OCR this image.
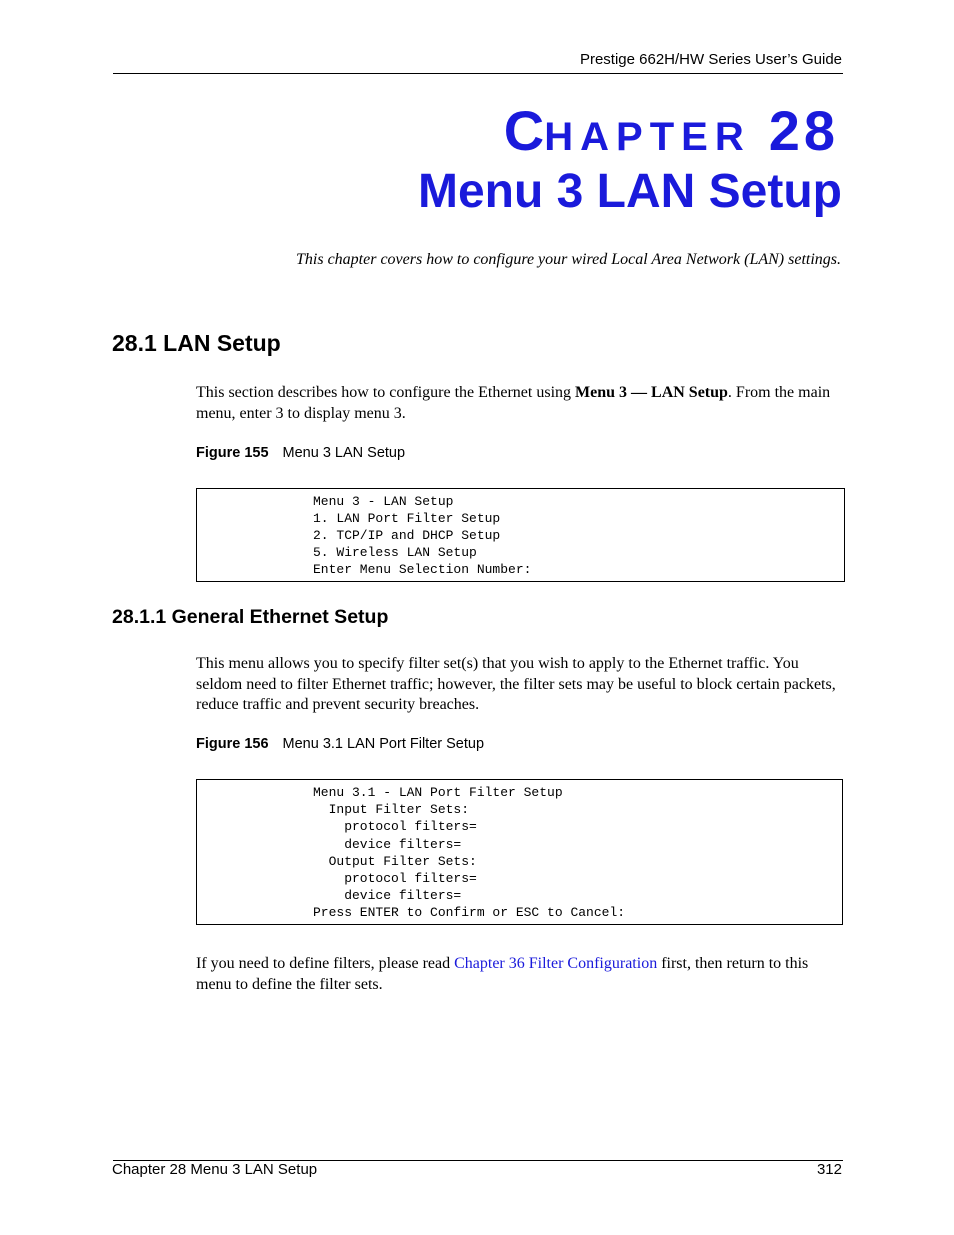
Prestige 662H/HW Series User’s Guide
CHAPTER 28
Menu 3 LAN Setup
This chapter covers how to configure your wired Local Area Network (LAN) settings.
28.1 LAN Setup
This section describes how to configure the Ethernet using Menu 3 — LAN Setup. From the main menu, enter 3 to display menu 3.
Figure 155 Menu 3 LAN Setup
Menu 3 - LAN Setup
1. LAN Port Filter Setup
2. TCP/IP and DHCP Setup
5. Wireless LAN Setup
Enter Menu Selection Number:
28.1.1 General Ethernet Setup
This menu allows you to specify filter set(s) that you wish to apply to the Ethernet traffic. You seldom need to filter Ethernet traffic; however, the filter sets may be useful to block certain packets, reduce traffic and prevent security breaches.
Figure 156 Menu 3.1 LAN Port Filter Setup
Menu 3.1 - LAN Port Filter Setup
Input Filter Sets:
protocol filters=
device filters=
Output Filter Sets:
protocol filters=
device filters=
Press ENTER to Confirm or ESC to Cancel:
If you need to define filters, please read Chapter 36 Filter Configuration first, then return to this menu to define the filter sets.
Chapter 28 Menu 3 LAN Setup	312
